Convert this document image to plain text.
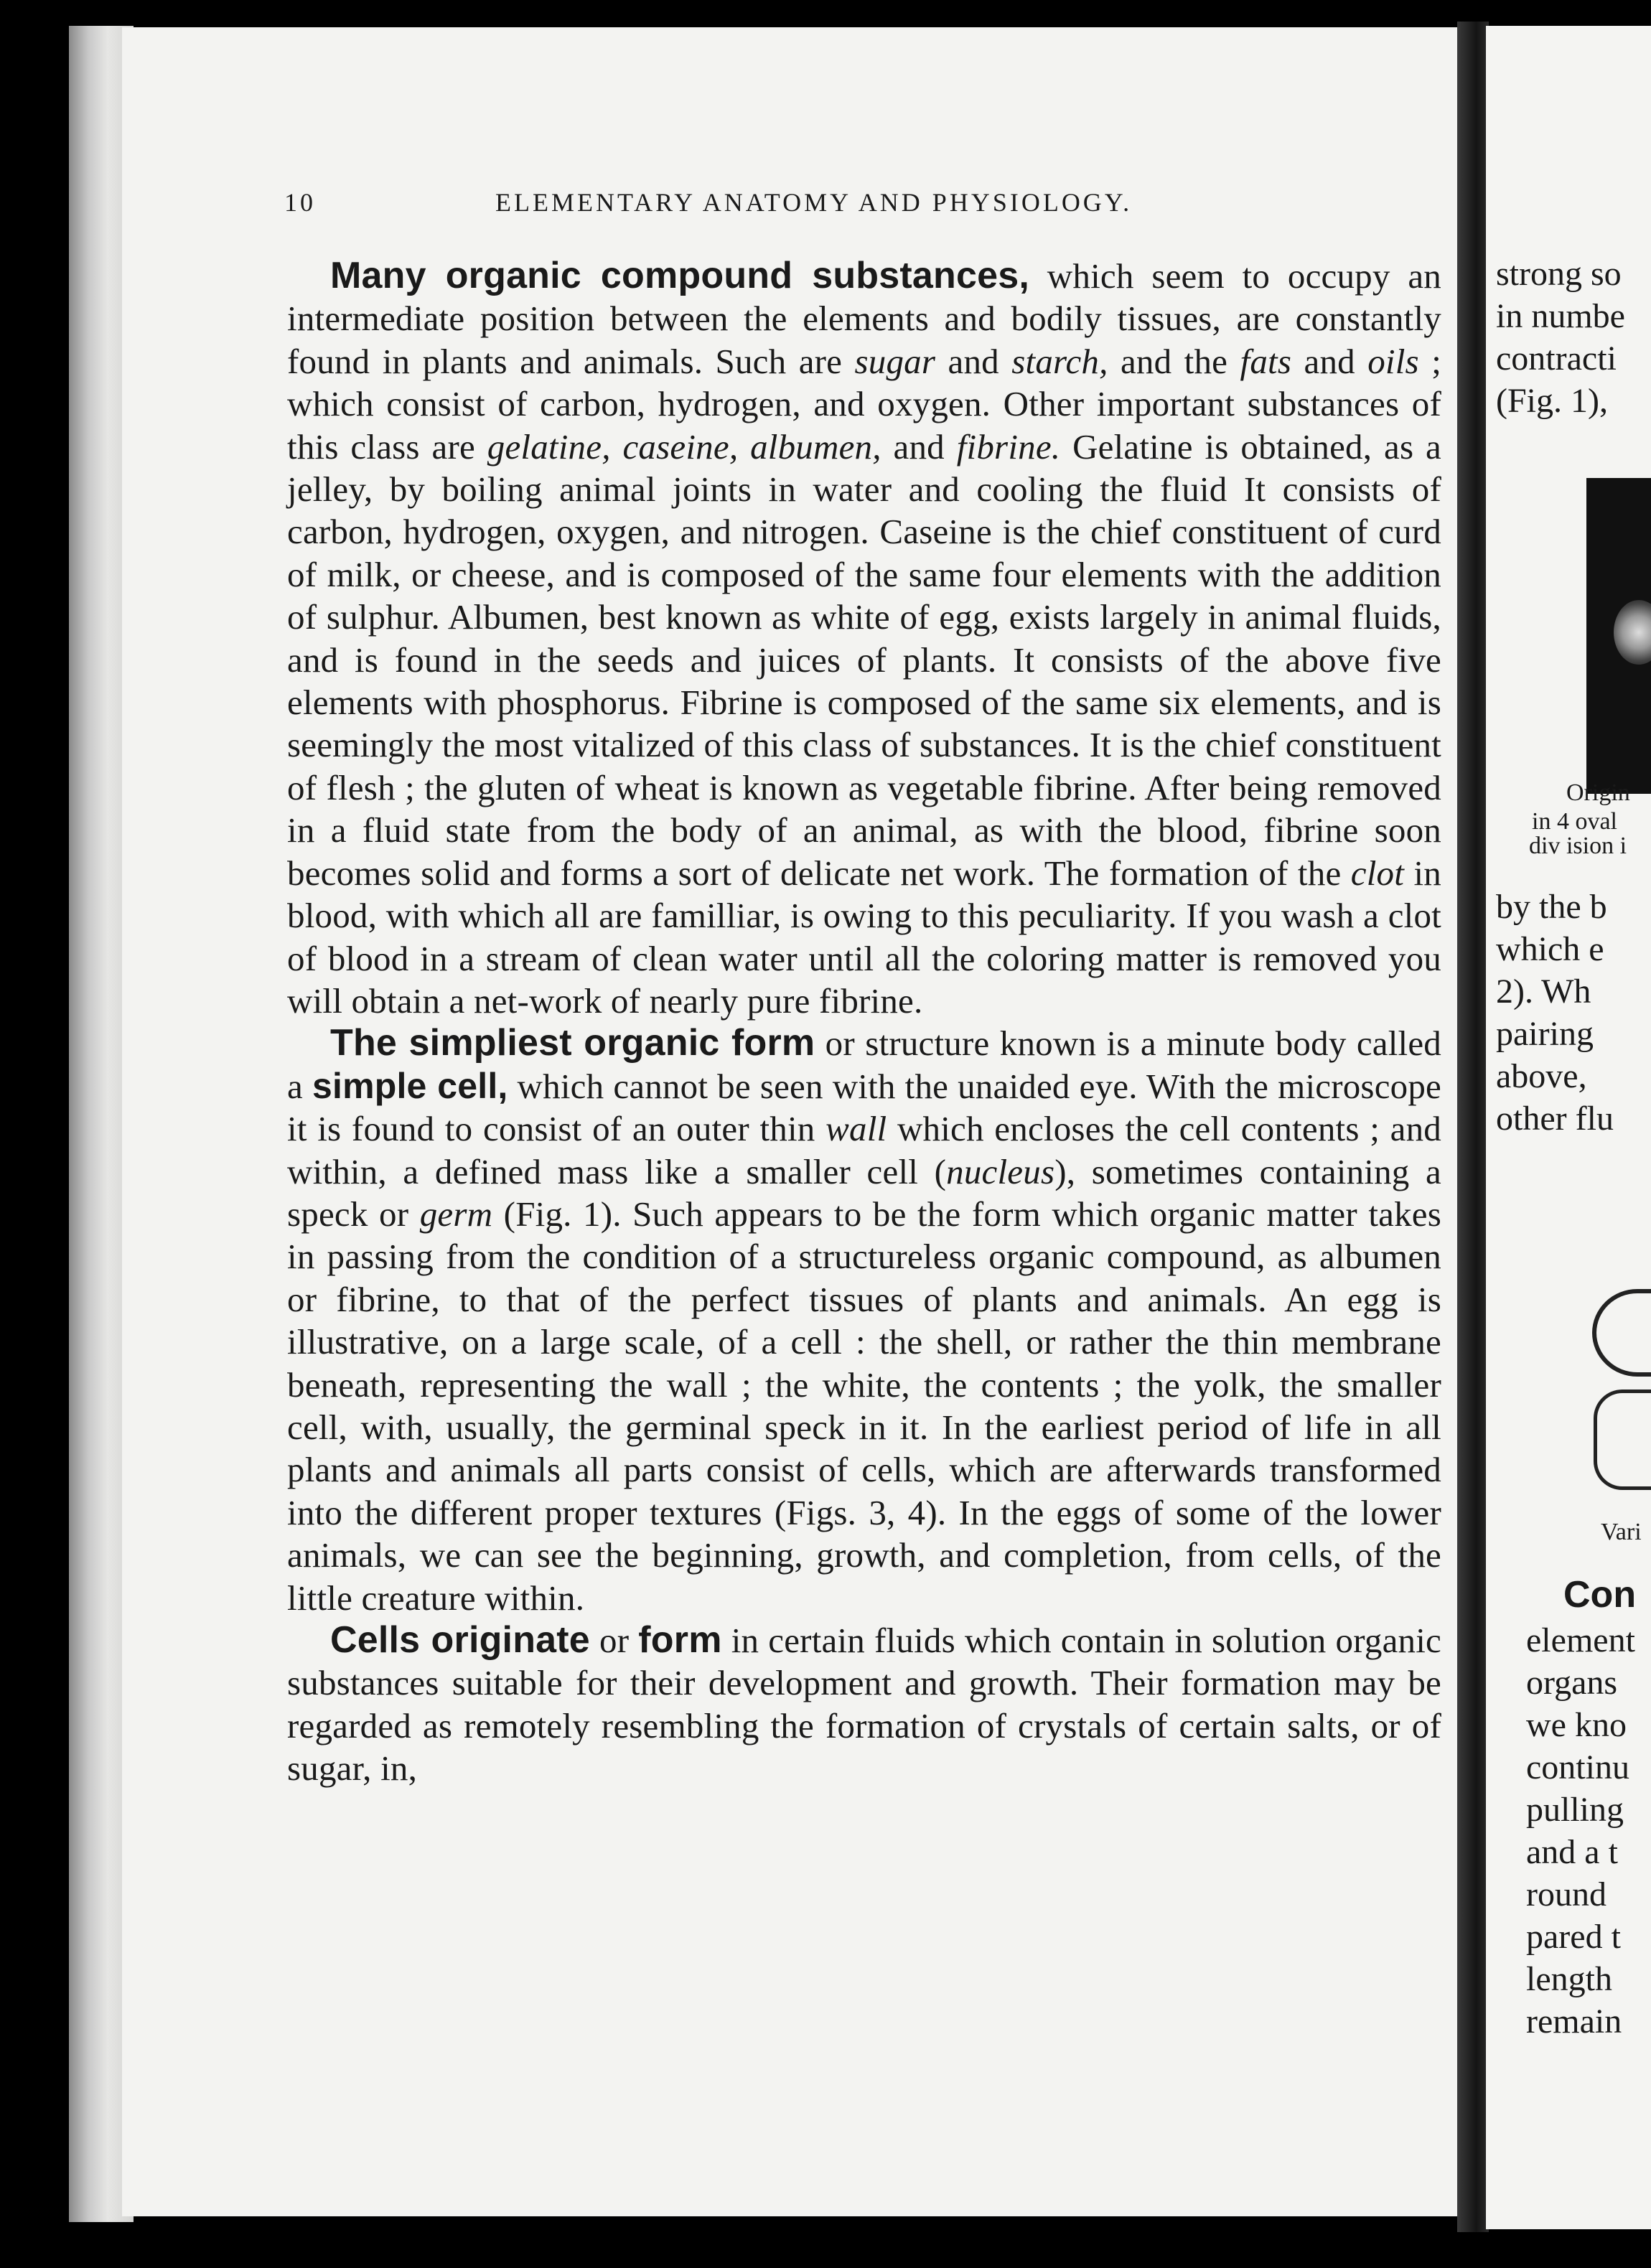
strong so
in numbe
contracti
(Fig. 1),
Origin
in 4 oval
div ision i
by the b
which e
2). Wh
pairing
above,
other flu
Vari
Con
element
organs
we kno
continu
pulling
and a t
round
pared t
length
remain
10	ELEMENTARY ANATOMY AND PHYSIOLOGY.

Many organic compound substances, which seem to occupy an intermediate position between the elements and bodily tissues, are constantly found in plants and animals. Such are sugar and starch, and the fats and oils ; which consist of carbon, hydrogen, and oxygen. Other important substances of this class are gelatine, caseine, albumen, and fibrine. Gelatine is obtained, as a jelley, by boiling animal joints in water and cooling the fluid It consists of carbon, hydrogen, oxygen, and nitrogen. Caseine is the chief constituent of curd of milk, or cheese, and is composed of the same four elements with the addition of sulphur. Albumen, best known as white of egg, exists largely in animal fluids, and is found in the seeds and juices of plants. It consists of the above five elements with phosphorus. Fibrine is composed of the same six elements, and is seemingly the most vitalized of this class of substances. It is the chief constituent of flesh ; the gluten of wheat is known as vegetable fibrine. After being removed in a fluid state from the body of an animal, as with the blood, fibrine soon becomes solid and forms a sort of delicate net work. The formation of the clot in blood, with which all are familliar, is owing to this peculiarity. If you wash a clot of blood in a stream of clean water until all the coloring matter is removed you will obtain a net-work of nearly pure fibrine.

The simpliest organic form or structure known is a minute body called a simple cell, which cannot be seen with the unaided eye. With the microscope it is found to consist of an outer thin wall which encloses the cell contents ; and within, a defined mass like a smaller cell (nucleus), sometimes containing a speck or germ (Fig. 1). Such appears to be the form which organic matter takes in passing from the condition of a structureless organic compound, as albumen or fibrine, to that of the perfect tissues of plants and animals. An egg is illustrative, on a large scale, of a cell : the shell, or rather the thin membrane beneath, representing the wall ; the white, the contents ; the yolk, the smaller cell, with, usually, the germinal speck in it. In the earliest period of life in all plants and animals all parts consist of cells, which are afterwards transformed into the different proper textures (Figs. 3, 4). In the eggs of some of the lower animals, we can see the beginning, growth, and completion, from cells, of the little creature within.

Cells originate or form in certain fluids which contain in solution organic substances suitable for their development and growth. Their formation may be regarded as remotely resembling the formation of crystals of certain salts, or of sugar, in,
